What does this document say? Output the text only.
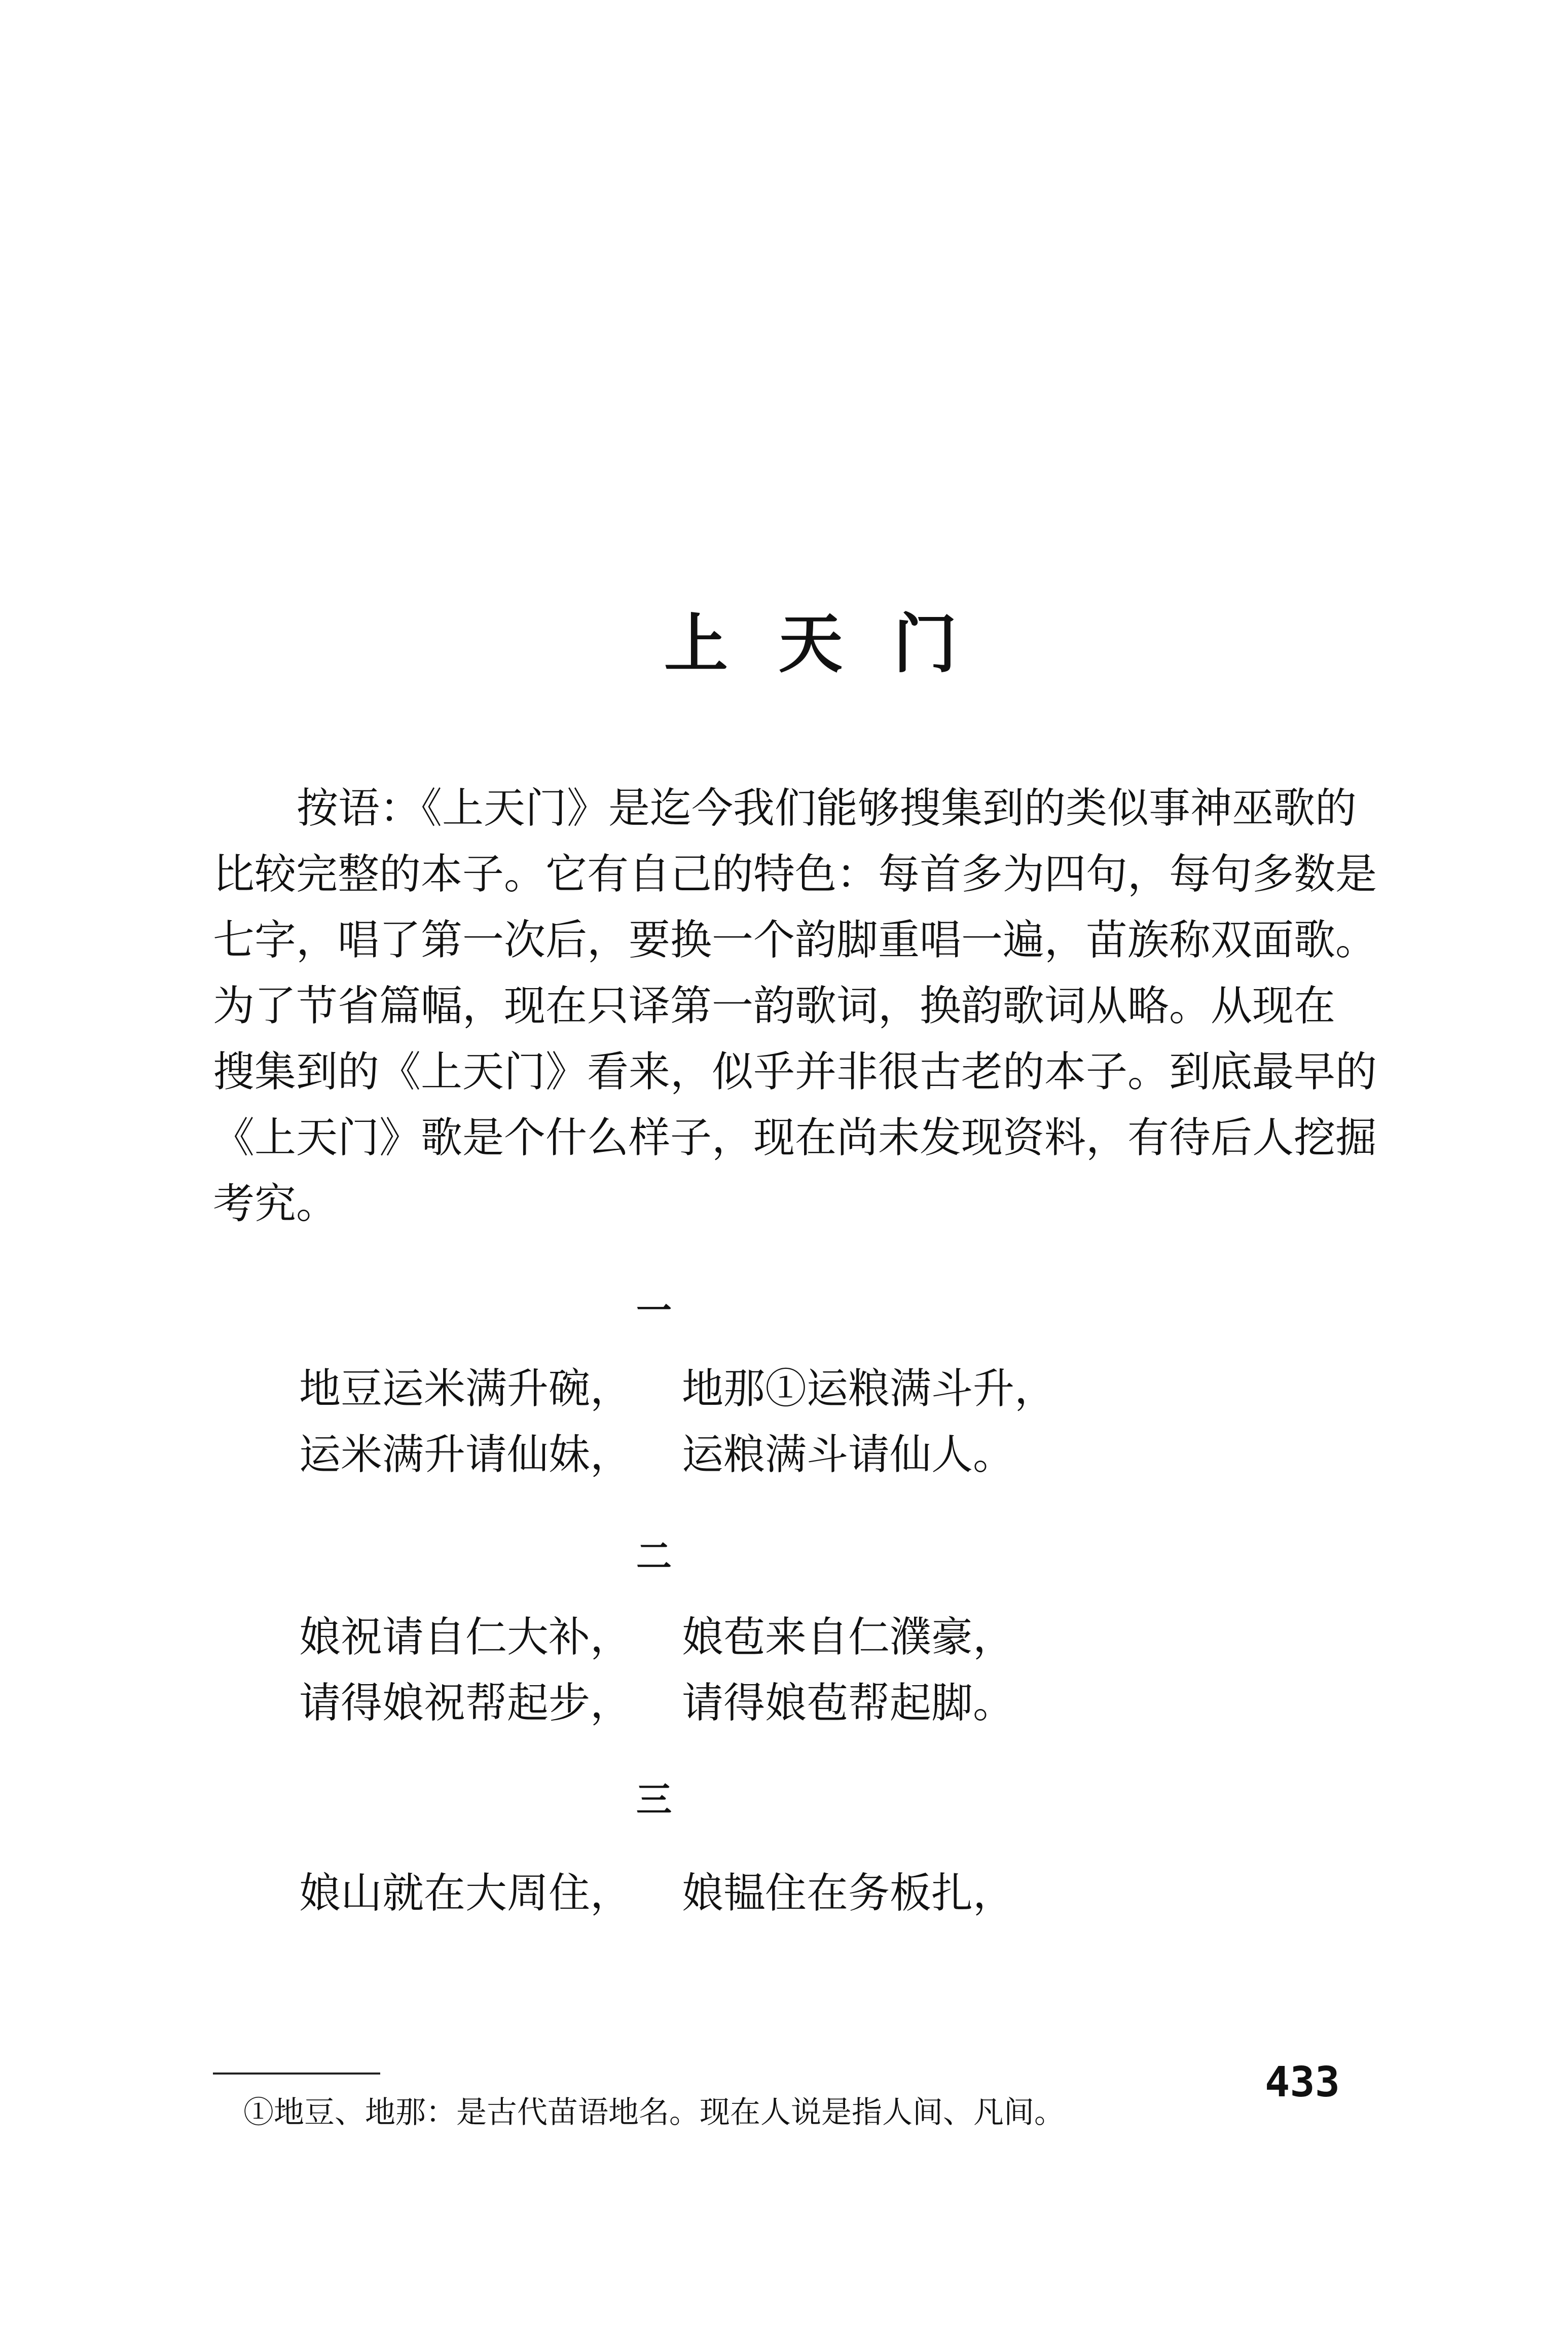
上天门
按语：《上天门》是迄今我们能够搜集到的类似事神巫歌的
比较完整的本子。它有自己的特色：每首多为四句，每句多数是
七字，唱了第一次后，要换一个韵脚重唱一遍，苗族称双面歌。
为了节省篇幅，现在只译第一韵歌词，换韵歌词从略。从现在
搜集到的《上天门》看来，似乎并非很古老的本子。到底最早的
《上天门》歌是个什么样子，现在尚未发现资料，有待后人挖掘
考究。
一
地豆运米满升碗， 地那①运粮满斗升，
运米满升请仙妹， 运粮满斗请仙人。
二
娘祝请自仁大补， 娘苞来自仁濮豪，
请得娘祝帮起步， 请得娘苞帮起脚。
三
娘山就在大周住， 娘韫住在务板扎，
①地豆、地那：是古代苗语地名。现在人说是指人间、凡间。
433
